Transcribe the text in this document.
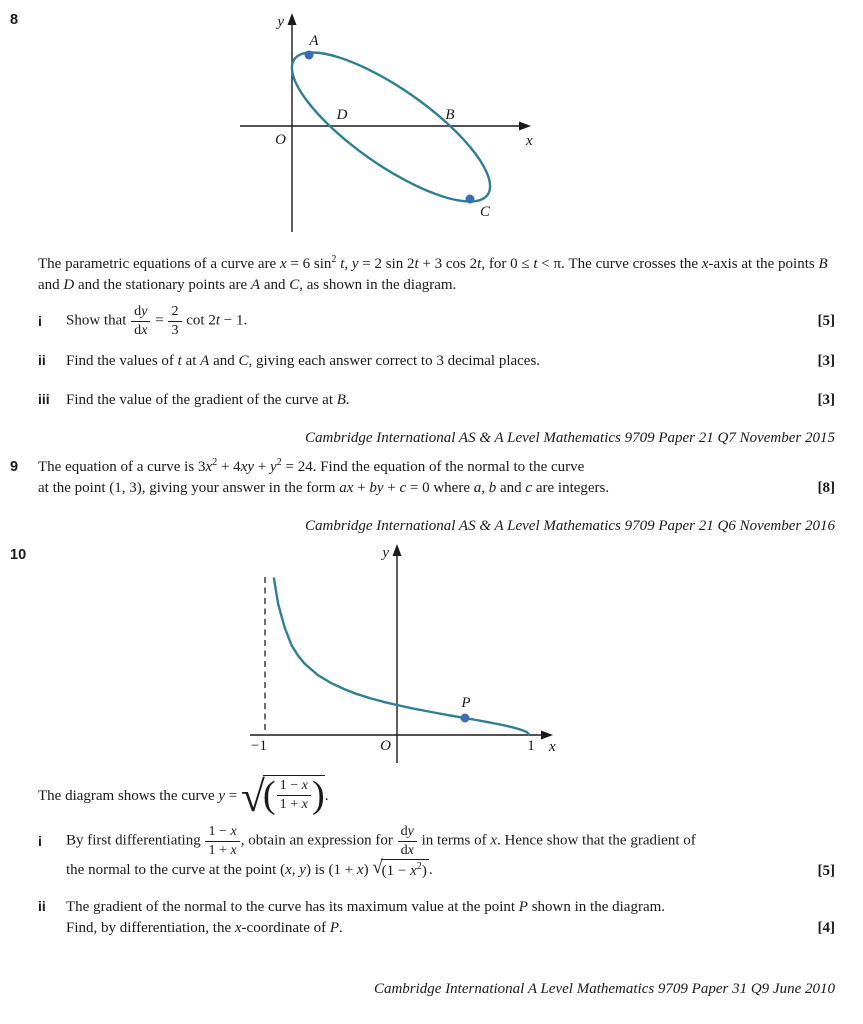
8	y
x
O
A
D	B
C

The parametric equations of a curve are x = 6 $\sin^2 t$, y = 2 sin 2t + 3 cos 2t, for 0 ≤ t < π. The curve crosses the x-axis at the points B and D and the stationary points are A and C, as shown in the diagram.

i	Show that $\frac{dy}{dx} = \frac{2}{3}$ cot 2t − 1.	[5]
ii	Find the values of t at A and C, giving each answer correct to 3 decimal places.	[3]
iii	Find the value of the gradient of the curve at B.	[3]

Cambridge International AS & A Level Mathematics 9709 Paper 21 Q7 November 2015

9 The equation of a curve is $3x^2 + 4xy + y^2 = 24$. Find the equation of the normal to the curve

at the point (1, 3), giving your answer in the form ax + by + c = 0 where a, b and c are integers.	[8]

Cambridge International AS & A Level Mathematics 9709 Paper 21 Q6 November 2016

10	y
x
O
−1	1
P

The diagram shows the curve y = √( $\frac{1 - x}{1 + x}$ ).

i	By first differentiating $\frac{1 - x}{1 + x}$ , obtain an expression for $\frac{dy}{dx}$ in terms of x. Hence show that the gradient of
the normal to the curve at the point (x, y) is (1 + x) $√(1 - x^2)$ .	[5]
ii	The gradient of the normal to the curve has its maximum value at the point P shown in the diagram.
Find, by differentiation, the x-coordinate of P.	[4]

Cambridge International A Level Mathematics 9709 Paper 31 Q9 June 2010
